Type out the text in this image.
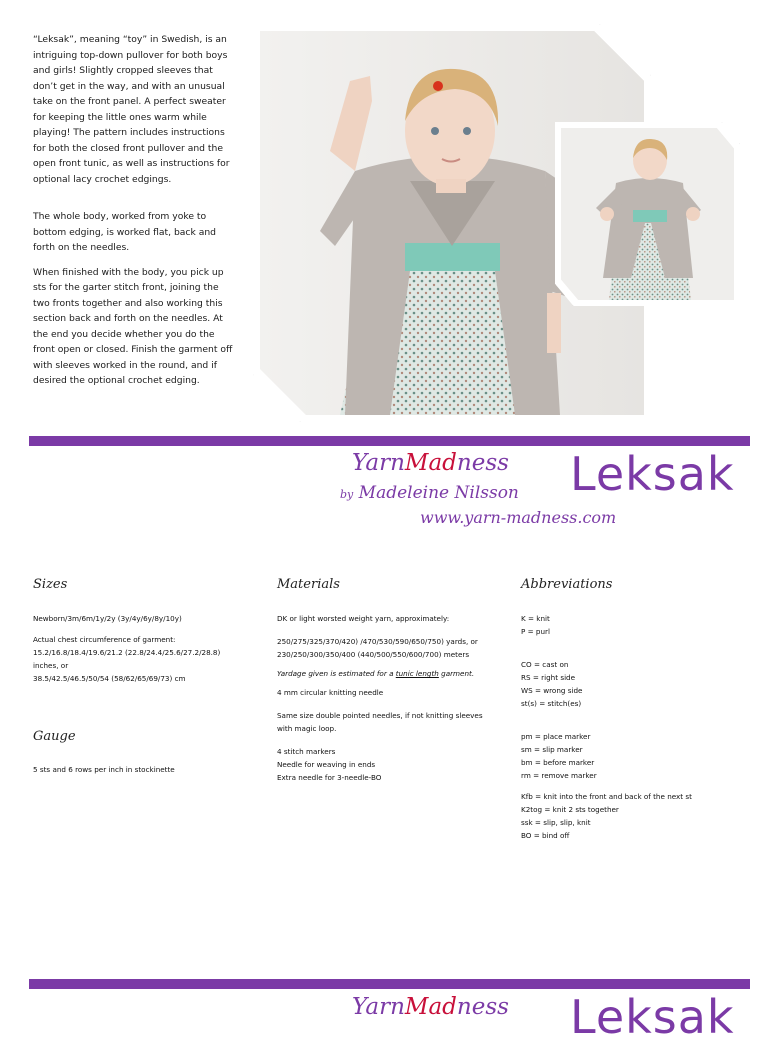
“Leksak”, meaning “toy” in Swedish, is an intriguing top-down pullover for both boys and girls! Slightly cropped sleeves that don’t get in the way, and with an unusual take on the front panel. A perfect sweater for keeping the little ones warm while playing! The pattern includes instructions for both the closed front pullover and the open front tunic, as well as instructions for optional lacy crochet edgings.

The whole body, worked from yoke to bottom edging, is worked flat, back and forth on the needles.

When finished with the body, you pick up sts for the garter stitch front, joining the two fronts together and also working this section back and forth on the needles. At the end you decide whether you do the front open or closed. Finish the garment off with sleeves worked in the round, and if desired the optional crochet edging.

YarnMadness
by Madeleine Nilsson Leksak
www.yarn-madness.com
Sizes

Newborn/3m/6m/1y/2y (3y/4y/6y/8y/10y)

Actual chest circumference of garment:
15.2/16.8/18.4/19.6/21.2 (22.8/24.4/25.6/27.2/28.8) inches, or
38.5/42.5/46.5/50/54 (58/62/65/69/73) cm

Gauge

5 sts and 6 rows per inch in stockinette

Materials

DK or light worsted weight yarn, approximately:

250/275/325/370/420) /470/530/590/650/750) yards, or 230/250/300/350/400 (440/500/550/600/700) meters

Yardage given is estimated for a tunic length garment.

4 mm circular knitting needle

Same size double pointed needles, if not knitting sleeves with magic loop.

4 stitch markers
Needle for weaving in ends
Extra needle for 3-needle-BO

Abbreviations
K = knit
P = purl
CO = cast on
RS = right side
WS = wrong side
st(s) = stitch(es)
pm = place marker
sm = slip marker
bm = before marker
rm = remove marker
Kfb = knit into the front and back of the next st
K2tog = knit 2 sts together
ssk = slip, slip, knit
BO = bind off
YarnMadness Leksak
